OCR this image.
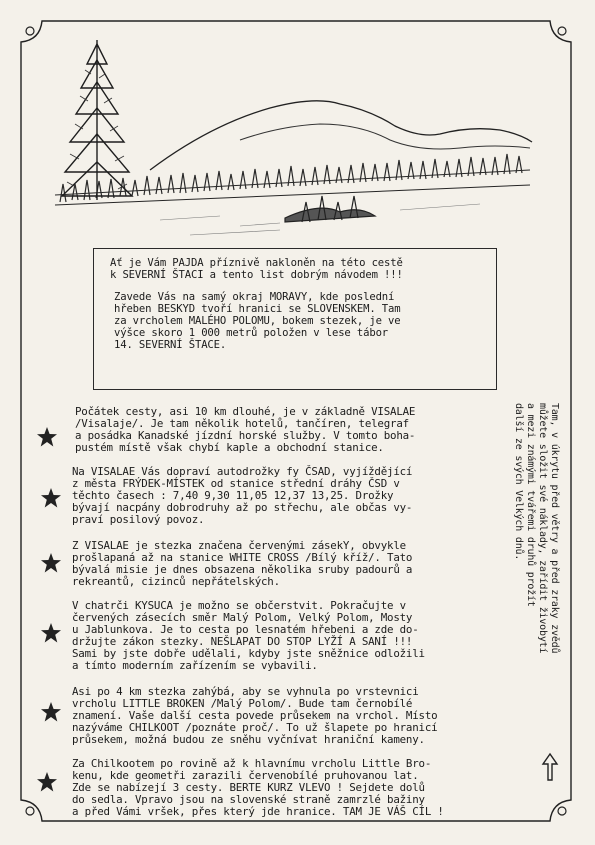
Ať je Vám PAJDA příznivě nakloněn na této cestě
k SEVERNÍ ŠTACI a tento list dobrým návodem !!!
Zavede Vás na samý okraj MORAVY, kde poslední
hřeben BESKYD tvoří hranici se SLOVENSKEM. Tam
za vrcholem MALÉHO POLOMU, bokem stezek, je ve
výšce skoro 1 000 metrů položen v lese tábor
14. SEVERNÍ ŠTACE.
Tam, v úkrytu před větry a před zraky zvědů
můžete složit své náklady, zařídit živobytí
a mezi známými tvářemi druhů prožít
další ze svých Velkých dnů.
Počátek cesty, asi 10 km dlouhé, je v základně VISALAE
/Visalaje/. Je tam několik hotelů, tančíren, telegraf
a posádka Kanadské jízdní horské služby. V tomto boha-
pustém místě však chybí kaple a obchodní stanice.
Na VISALAE Vás dopraví autodrožky fy ČSAD, vyjíždějící
z města FRÝDEK-MÍSTEK od stanice střední dráhy ČSD v
těchto časech : 7,40 9,30 11,05 12,37 13,25. Drožky
bývají nacpány dobrodruhy až po střechu, ale občas vy-
praví posilový povoz.
Z VISALAE je stezka značena červenými zásekY, obvykle
prošlapaná až na stanice WHITE CROSS /Bílý kříž/. Tato
bývalá misie je dnes obsazena několika sruby padourů a
rekreantů, cizinců nepřátelských.
V chatrči KYSUCA je možno se občerstvit. Pokračujte v
červených zásecích směr Malý Polom, Velký Polom, Mosty
u Jablunkova. Je to cesta po lesnatém hřebeni a zde do-
držujte zákon stezky. NEŠLAPAT DO STOP LYŽÍ A SANÍ !!!
Sami by jste dobře udělali, kdyby jste sněžnice odložili
a tímto moderním zařízením se vybavili.
Asi po 4 km stezka zahýbá, aby se vyhnula po vrstevnici
vrcholu LITTLE BROKEN /Malý Polom/. Bude tam černobílé
znamení. Vaše další cesta povede průsekem na vrchol. Místo
nazýváme CHILKOOT /poznáte proč/. To už šlapete po hranicí
průsekem, možná budou ze sněhu vyčnívat hraniční kameny.
Za Chilkootem po rovině až k hlavnímu vrcholu Little Bro-
kenu, kde geometři zarazili červenobílé pruhovanou lat.
Zde se nabízejí 3 cesty. BERTE KURZ VLEVO ! Sejdete dolů
do sedla. Vpravo jsou na slovenské straně zamrzlé bažiny
a před Vámi vršek, přes který jde hranice. TAM JE VÁŠ CÍL !
